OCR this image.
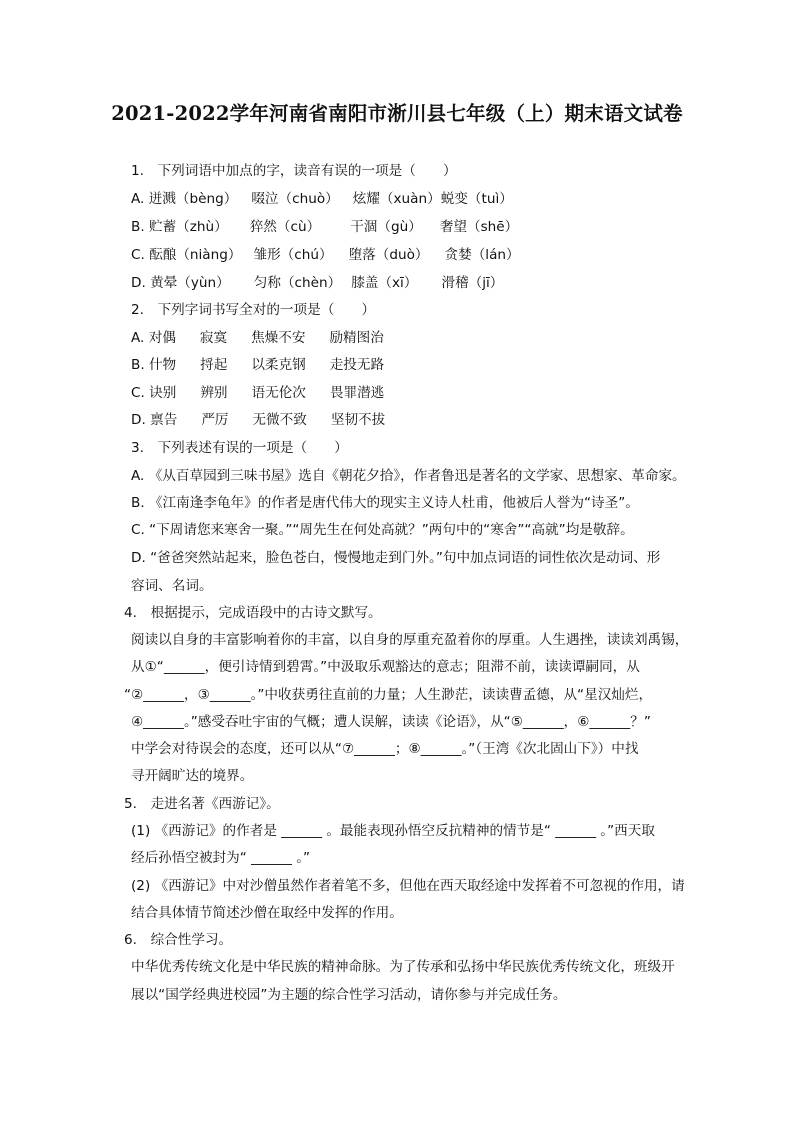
2021-2022学年河南省南阳市淅川县七年级（上）期末语文试卷
1.　下列词语中加点的字，读音有误的一项是（　　）
A. 迸溅（bèng） 啜泣（chuò） 炫耀（xuàn）蜕变（tuì）
B. 贮蓄（zhù） 猝然（cù） 干涸（gù） 奢望（shē）
C. 酝酿（niàng） 雏形（chú） 堕落（duò） 贪婪（lán）
D. 黄晕（yùn） 匀称（chèn） 膝盖（xī） 滑稽（jī）
2.　下列字词书写全对的一项是（　　）
A. 对偶 寂寞 焦燥不安 励精图治
B. 什物 捋起 以柔克钢 走投无路
C. 诀别 辨别 语无伦次 畏罪潜逃
D. 禀告 严厉 无微不致 坚韧不拔
3.　下列表述有误的一项是（　　）
A. 《从百草园到三味书屋》选自《朝花夕拾》，作者鲁迅是著名的文学家、思想家、革命家。
B. 《江南逢李龟年》的作者是唐代伟大的现实主义诗人杜甫，他被后人誉为“诗圣”。
C. “下周请您来寒舍一聚。”“周先生在何处高就？”两句中的“寒舍”“高就”均是敬辞。
D. “爸爸突然站起来，脸色苍白，慢慢地走到门外。”句中加点词语的词性依次是动词、形
容词、名词。
4.　根据提示，完成语段中的古诗文默写。
阅读以自身的丰富影响着你的丰富，以自身的厚重充盈着你的厚重。人生遇挫，读读刘禹锡，
从①“______，便引诗情到碧霄。”中汲取乐观豁达的意志；阻滞不前，读读谭嗣同，从
“②______，③______。”中收获勇往直前的力量；人生渺茫，读读曹孟德，从“星汉灿烂，
④______。”感受吞吐宇宙的气概；遭人误解，读读《论语》，从“⑤______，⑥______？”
中学会对待误会的态度，还可以从“⑦______；⑧______。”（王湾《次北固山下》）中找
寻开阔旷达的境界。
5.　走进名著《西游记》。
(1) 《西游记》的作者是 ______ 。最能表现孙悟空反抗精神的情节是“ ______ 。”西天取
经后孙悟空被封为“ ______ 。”
(2) 《西游记》中对沙僧虽然作者着笔不多，但他在西天取经途中发挥着不可忽视的作用，请
结合具体情节简述沙僧在取经中发挥的作用。
6.　综合性学习。
中华优秀传统文化是中华民族的精神命脉。为了传承和弘扬中华民族优秀传统文化，班级开
展以“国学经典进校园”为主题的综合性学习活动，请你参与并完成任务。
